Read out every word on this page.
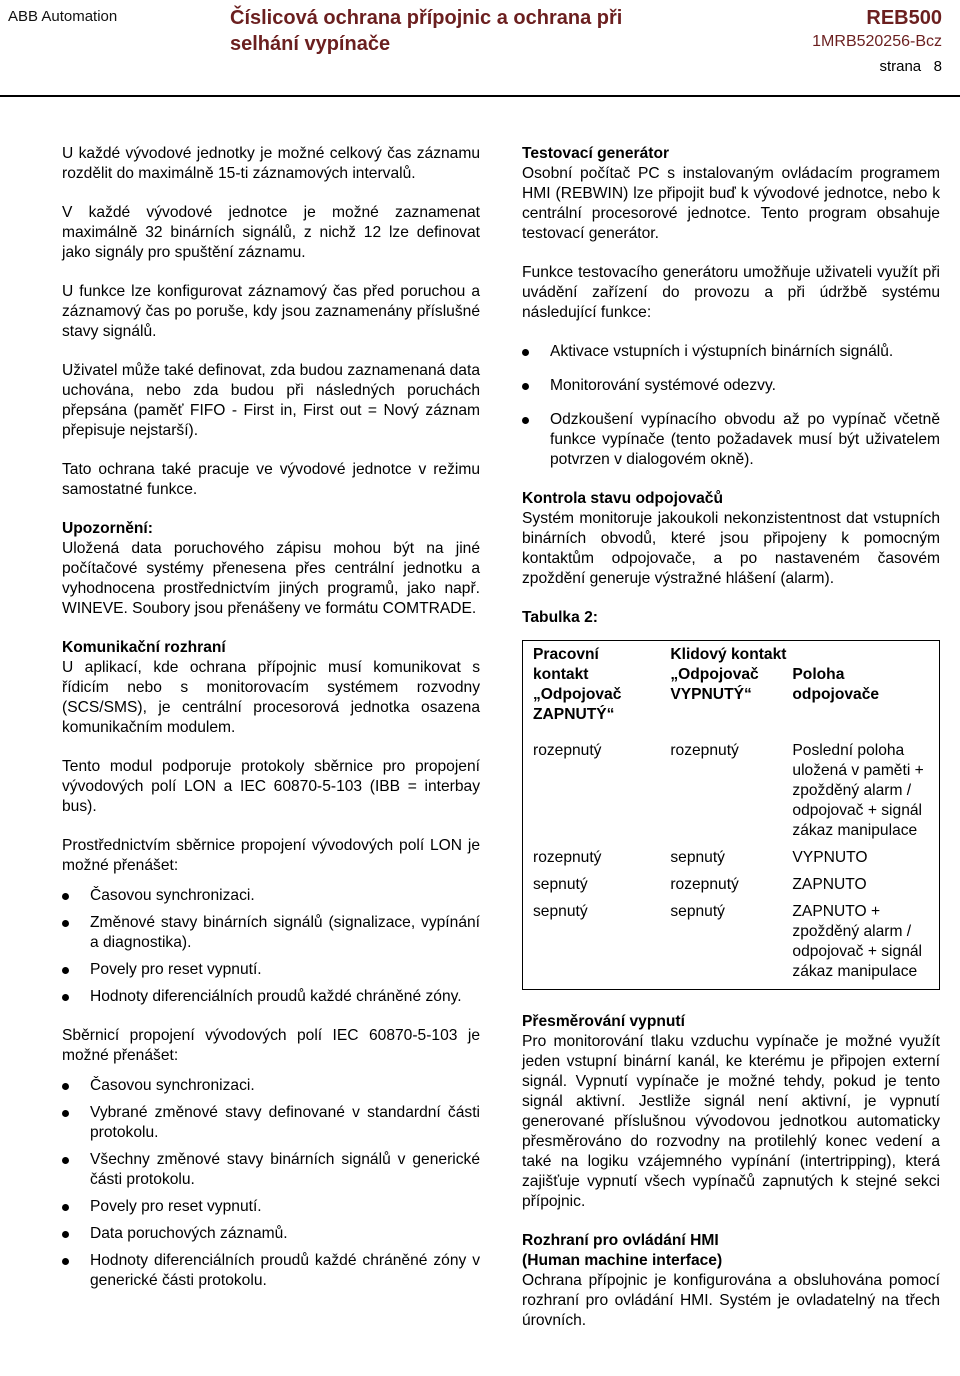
ABB Automation	Číslicová ochrana přípojnic a ochrana při selhání vypínače
REB500
1MRB520256-Bcz
strana   8

U každé vývodové jednotky je možné celkový čas záznamu rozdělit do maximálně 15-ti záznamových intervalů.

V každé vývodové jednotce je možné zaznamenat maximálně 32 binárních signálů, z nichž 12 lze definovat jako signály pro spuštění záznamu.

U funkce lze konfigurovat záznamový čas před poruchou a záznamový čas po poruše, kdy jsou zaznamenány příslušné stavy signálů.

Uživatel může také definovat, zda budou zaznamenaná data uchována, nebo zda budou při následných poruchách přepsána (paměť FIFO - First in, First out = Nový záznam přepisuje nejstarší).

Tato ochrana také pracuje ve vývodové jednotce v režimu samostatné funkce.

Upozornění:
Uložená data poruchového zápisu mohou být na jiné počítačové systémy přenesena přes centrální jednotku a vyhodnocena prostřednictvím jiných programů, jako např. WINEVE. Soubory jsou přenášeny ve formátu COMTRADE.

Komunikační rozhraní
U aplikací, kde ochrana přípojnic musí komunikovat s řídicím nebo s monitorovacím systémem rozvodny (SCS/SMS), je centrální procesorová jednotka osazena komunikačním modulem.

Tento modul podporuje protokoly sběrnice pro propojení vývodových polí LON a IEC 60870-5-103 (IBB = interbay bus).

Prostřednictvím sběrnice propojení vývodových polí LON je možné přenášet:

Časovou synchronizaci.
Změnové stavy binárních signálů (signalizace, vypínání a diagnostika).
Povely pro reset vypnutí.
Hodnoty diferenciálních proudů každé chráněné zóny.

Sběrnicí propojení vývodových polí IEC 60870-5-103 je možné přenášet:

Časovou synchronizaci.
Vybrané změnové stavy definované v standardní části protokolu.
Všechny změnové stavy binárních signálů v generické části protokolu.
Povely pro reset vypnutí.
Data poruchových záznamů.
Hodnoty diferenciálních proudů každé chráněné zóny v generické části protokolu.

Testovací generátor
Osobní počítač PC s instalovaným ovládacím programem HMI (REBWIN) lze připojit buď k vývodové jednotce, nebo k centrální procesorové jednotce. Tento program obsahuje testovací generátor.

Funkce testovacího generátoru umožňuje uživateli využít při uvádění zařízení do provozu a při údržbě systému následující funkce:

Aktivace vstupních i výstupních binárních signálů.
Monitorování systémové odezvy.
Odzkoušení vypínacího obvodu až po vypínač včetně funkce vypínače (tento požadavek musí být uživatelem potvrzen v dialogovém okně).

Kontrola stavu odpojovačů
Systém monitoruje jakoukoli nekonzistentnost dat vstupních binárních obvodů, které jsou připojeny k pomocným kontaktům odpojovače, a po nastaveném časovém zpoždění generuje výstražné hlášení (alarm).

Tabulka 2:
Pracovní kontakt „Odpojovač ZAPNUTÝ“	Klidový kontakt „Odpojovač VYPNUTÝ“	Poloha odpojovače
rozepnutý	rozepnutý	Poslední poloha uložená v paměti + zpožděný alarm / odpojovač + signál zákaz manipulace
rozepnutý	sepnutý	VYPNUTO
sepnutý	rozepnutý	ZAPNUTO
sepnutý	sepnutý	ZAPNUTO + zpožděný alarm / odpojovač + signál zákaz manipulace

Přesměrování vypnutí
Pro monitorování tlaku vzduchu vypínače je možné využít jeden vstupní binární kanál, ke kterému je připojen externí signál. Vypnutí vypínače je možné tehdy, pokud je tento signál aktivní. Jestliže signál není aktivní, je vypnutí generované příslušnou vývodovou jednotkou automaticky přesměrováno do rozvodny na protilehlý konec vedení a také na logiku vzájemného vypínání (intertripping), která zajišťuje vypnutí všech vypínačů zapnutých k stejné sekci přípojnic.

Rozhraní pro ovládání HMI
(Human machine interface)
Ochrana přípojnic je konfigurována a obsluhována pomocí rozhraní pro ovládání HMI. Systém je ovladatelný na třech úrovních.
